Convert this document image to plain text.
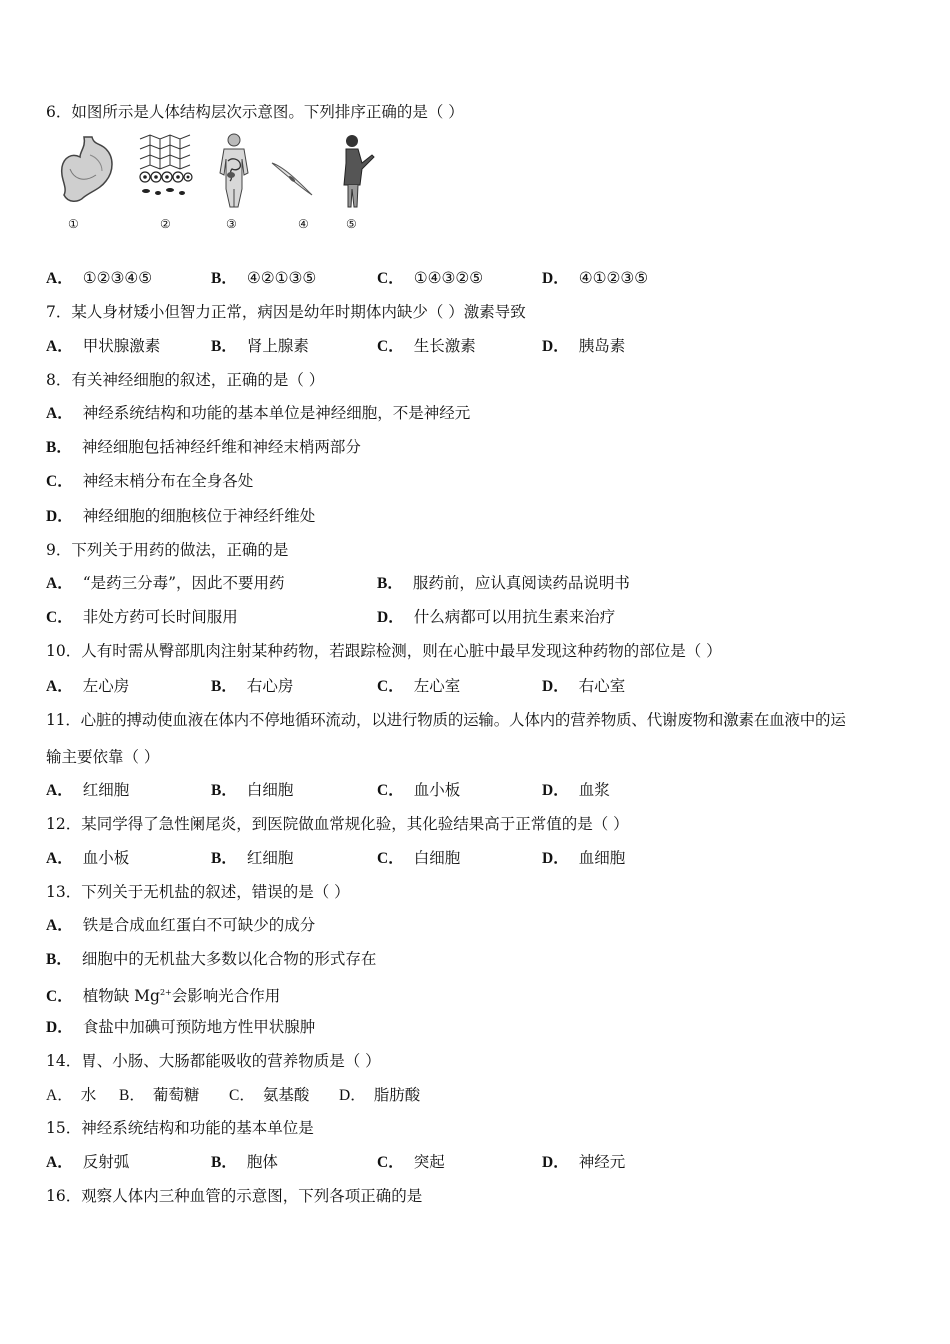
6．如图所示是人体结构层次示意图。下列排序正确的是（ ）
①	②	③	④	⑤
A． ①②③④⑤	B． ④②①③⑤	C． ①④③②⑤	D． ④①②③⑤
7．某人身材矮小但智力正常，病因是幼年时期体内缺少（ ）激素导致
A． 甲状腺激素	B． 肾上腺素	C． 生长激素	D． 胰岛素
8．有关神经细胞的叙述，正确的是（ ）
A． 神经系统结构和功能的基本单位是神经细胞，不是神经元
B． 神经细胞包括神经纤维和神经末梢两部分
C． 神经末梢分布在全身各处
D． 神经细胞的细胞核位于神经纤维处
9．下列关于用药的做法，正确的是
A． “是药三分毒”，因此不要用药	B． 服药前，应认真阅读药品说明书
C． 非处方药可长时间服用	D． 什么病都可以用抗生素来治疗
10．人有时需从臀部肌肉注射某种药物，若跟踪检测，则在心脏中最早发现这种药物的部位是（ ）
A． 左心房	B． 右心房	C． 左心室	D． 右心室
11．心脏的搏动使血液在体内不停地循环流动，以进行物质的运输。人体内的营养物质、代谢废物和激素在血液中的运
输主要依靠（ ）
A． 红细胞	B． 白细胞	C． 血小板	D． 血浆
12．某同学得了急性阑尾炎，到医院做血常规化验，其化验结果高于正常值的是（ ）
A． 血小板	B． 红细胞	C． 白细胞	D． 血细胞
13．下列关于无机盐的叙述，错误的是（ ）
A． 铁是合成血红蛋白不可缺少的成分
B． 细胞中的无机盐大多数以化合物的形式存在
C． 植物缺 $Mg^{2+}$会影响光合作用
D． 食盐中加碘可预防地方性甲状腺肿
14．胃、小肠、大肠都能吸收的营养物质是（ ）
A． 水 B． 葡萄糖 C． 氨基酸 D． 脂肪酸
15．神经系统结构和功能的基本单位是
A． 反射弧	B． 胞体	C． 突起	D． 神经元
16．观察人体内三种血管的示意图，下列各项正确的是
